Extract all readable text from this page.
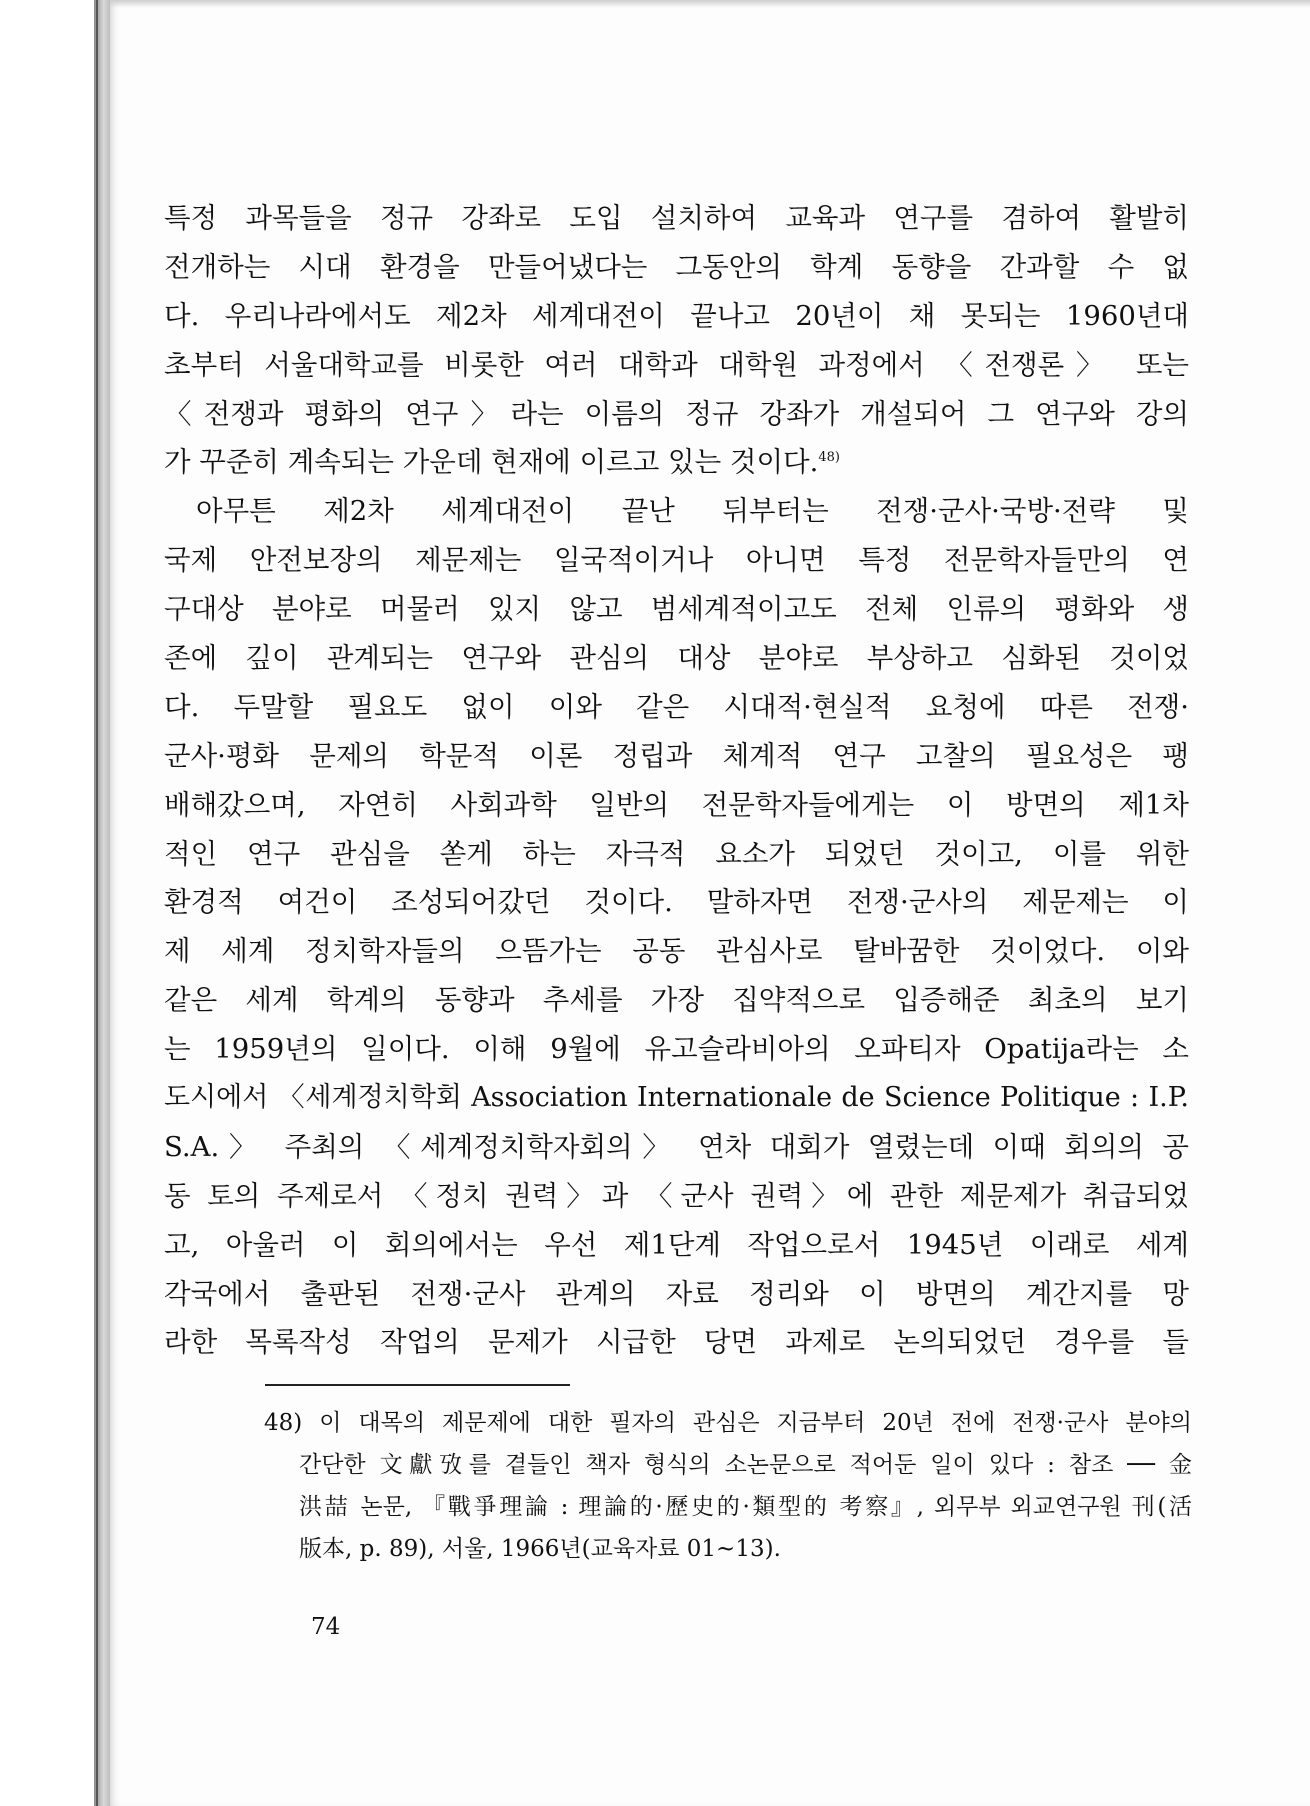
특정 과목들을 정규 강좌로 도입 설치하여 교육과 연구를 겸하여 활발히
전개하는 시대 환경을 만들어냈다는 그동안의 학계 동향을 간과할 수 없
다. 우리나라에서도 제2차 세계대전이 끝나고 20년이 채 못되는 1960년대
초부터 서울대학교를 비롯한 여러 대학과 대학원 과정에서 〈전쟁론〉 또는
〈전쟁과 평화의 연구〉라는 이름의 정규 강좌가 개설되어 그 연구와 강의
가 꾸준히 계속되는 가운데 현재에 이르고 있는 것이다.$^{48)}$
아무튼 제2차 세계대전이 끝난 뒤부터는 전쟁·군사·국방·전략 및
국제 안전보장의 제문제는 일국적이거나 아니면 특정 전문학자들만의 연
구대상 분야로 머물러 있지 않고 범세계적이고도 전체 인류의 평화와 생
존에 깊이 관계되는 연구와 관심의 대상 분야로 부상하고 심화된 것이었
다. 두말할 필요도 없이 이와 같은 시대적·현실적 요청에 따른 전쟁·
군사·평화 문제의 학문적 이론 정립과 체계적 연구 고찰의 필요성은 팽
배해갔으며, 자연히 사회과학 일반의 전문학자들에게는 이 방면의 제1차
적인 연구 관심을 쏟게 하는 자극적 요소가 되었던 것이고, 이를 위한
환경적 여건이 조성되어갔던 것이다. 말하자면 전쟁·군사의 제문제는 이
제 세계 정치학자들의 으뜸가는 공동 관심사로 탈바꿈한 것이었다. 이와
같은 세계 학계의 동향과 추세를 가장 집약적으로 입증해준 최초의 보기
는 1959년의 일이다. 이해 9월에 유고슬라비아의 오파티자 Opatija라는 소
도시에서 〈세계정치학회 Association Internationale de Science Politique : I.P.
S.A.〉 주최의 〈세계정치학자회의〉 연차 대회가 열렸는데 이때 회의의 공
동 토의 주제로서 〈정치 권력〉과 〈군사 권력〉에 관한 제문제가 취급되었
고, 아울러 이 회의에서는 우선 제1단계 작업으로서 1945년 이래로 세계
각국에서 출판된 전쟁·군사 관계의 자료 정리와 이 방면의 계간지를 망
라한 목록작성 작업의 문제가 시급한 당면 과제로 논의되었던 경우를 들
48) 이 대목의 제문제에 대한 필자의 관심은 지금부터 20년 전에 전쟁·군사 분야의
간단한 文獻攷를 곁들인 책자 형식의 소논문으로 적어둔 일이 있다 : 참조 ── 金
洪喆 논문, 『戰爭理論 : 理論的·歷史的·類型的 考察』, 외무부 외교연구원 刊(活
版本, p. 89), 서울, 1966년(교육자료 01~13).
74
